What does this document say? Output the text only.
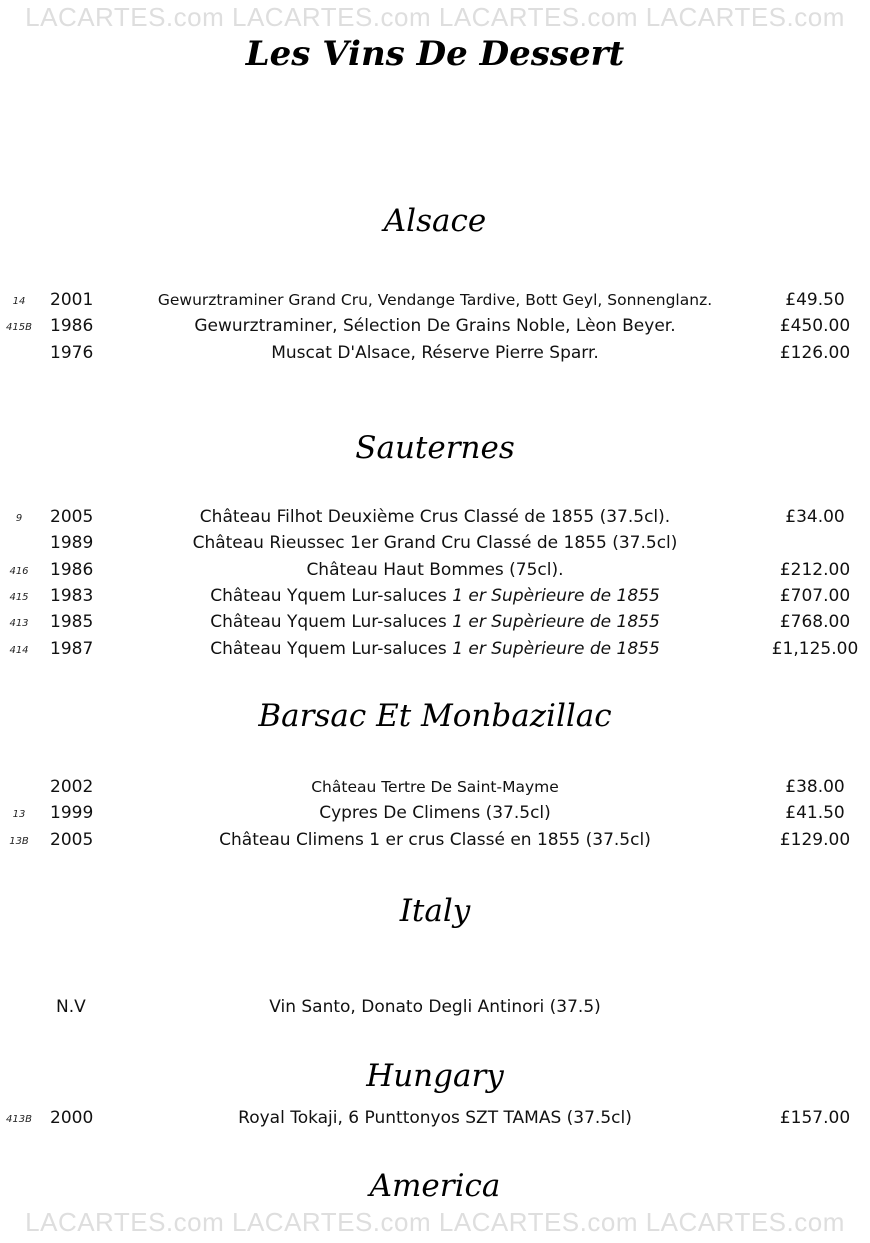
LACARTES.com LACARTES.com LACARTES.com LACARTES.com
Les Vins De Dessert
Alsace
14	2001	Gewurztraminer Grand Cru, Vendange Tardive, Bott Geyl, Sonnenglanz.	£49.50
415B 1986	Gewurztraminer, Sélection De Grains Noble, Lèon Beyer.	£450.00
1976	Muscat D'Alsace, Réserve Pierre Sparr.	£126.00
Sauternes
9	2005	Château Filhot Deuxième Crus Classé de 1855 (37.5cl).	£34.00
1989	Château Rieussec 1er Grand Cru Classé de 1855 (37.5cl)
416	1986	Château Haut Bommes (75cl).	£212.00
415	1983	Château Yquem Lur-saluces 1 er Supèrieure de 1855	£707.00
413	1985	Château Yquem Lur-saluces 1 er Supèrieure de 1855	£768.00
414	1987	Château Yquem Lur-saluces 1 er Supèrieure de 1855	£1,125.00
Barsac Et Monbazillac
2002	Château Tertre De Saint-Mayme	£38.00
13	1999	Cypres De Climens (37.5cl)	£41.50
13B	2005	Château Climens 1 er crus Classé en 1855 (37.5cl)	£129.00
Italy
N.V	Vin Santo, Donato Degli Antinori (37.5)
Hungary
413B 2000	Royal Tokaji, 6 Punttonyos SZT TAMAS (37.5cl)	£157.00
America
LACARTES.com LACARTES.com LACARTES.com LACARTES.com
